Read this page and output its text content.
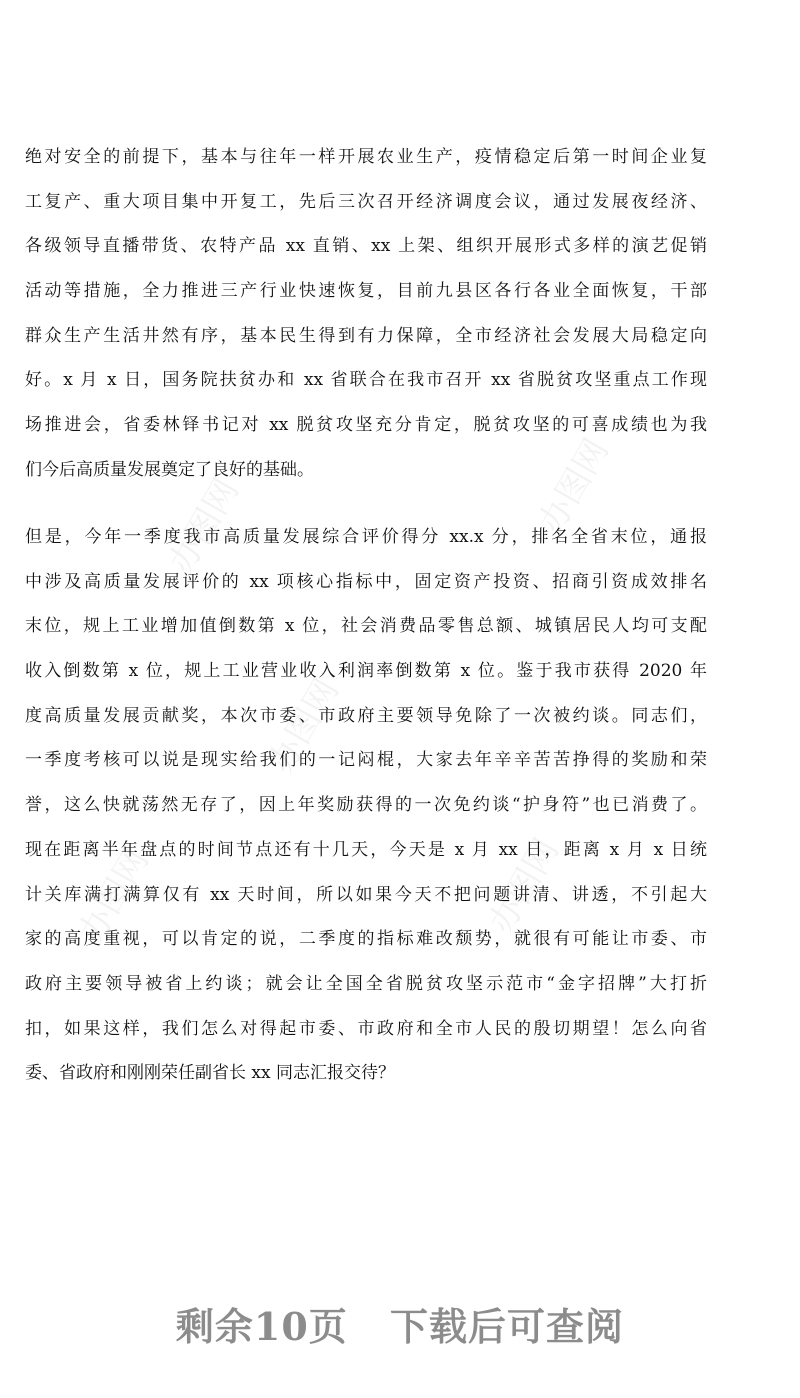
办图网	办图网
办图网
办图网	办图网
绝对安全的前提下，基本与往年一样开展农业生产，疫情稳定后第一时间企业复
工复产、重大项目集中开复工，先后三次召开经济调度会议，通过发展夜经济、
各级领导直播带货、农特产品 xx 直销、xx 上架、组织开展形式多样的演艺促销
活动等措施，全力推进三产行业快速恢复，目前九县区各行各业全面恢复，干部
群众生产生活井然有序，基本民生得到有力保障，全市经济社会发展大局稳定向
好。x 月 x 日，国务院扶贫办和 xx 省联合在我市召开 xx 省脱贫攻坚重点工作现
场推进会，省委林铎书记对 xx 脱贫攻坚充分肯定，脱贫攻坚的可喜成绩也为我
们今后高质量发展奠定了良好的基础。
但是，今年一季度我市高质量发展综合评价得分 xx.x 分，排名全省末位，通报
中涉及高质量发展评价的 xx 项核心指标中，固定资产投资、招商引资成效排名
末位，规上工业增加值倒数第 x 位，社会消费品零售总额、城镇居民人均可支配
收入倒数第 x 位，规上工业营业收入利润率倒数第 x 位。鉴于我市获得 2020 年
度高质量发展贡献奖，本次市委、市政府主要领导免除了一次被约谈。同志们，
一季度考核可以说是现实给我们的一记闷棍，大家去年辛辛苦苦挣得的奖励和荣
誉，这么快就荡然无存了，因上年奖励获得的一次免约谈“护身符”也已消费了。
现在距离半年盘点的时间节点还有十几天，今天是 x 月 xx 日，距离 x 月 x 日统
计关库满打满算仅有 xx 天时间，所以如果今天不把问题讲清、讲透，不引起大
家的高度重视，可以肯定的说，二季度的指标难改颓势，就很有可能让市委、市
政府主要领导被省上约谈；就会让全国全省脱贫攻坚示范市“金字招牌”大打折
扣，如果这样，我们怎么对得起市委、市政府和全市人民的殷切期望！怎么向省
委、省政府和刚刚荣任副省长 xx 同志汇报交待？
剩余10页 下载后可查阅
